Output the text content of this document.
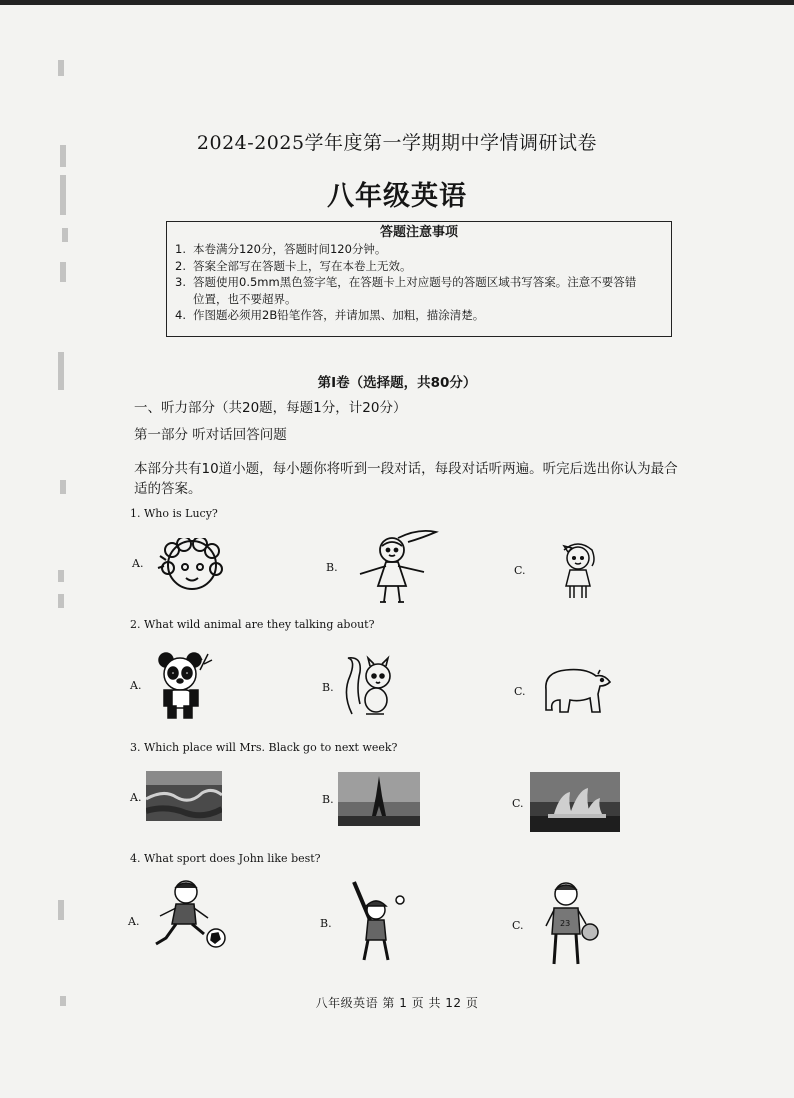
2024-2025学年度第一学期期中学情调研试卷
八年级英语
答题注意事项
1. 本卷满分120分，答题时间120分钟。
2. 答案全部写在答题卡上，写在本卷上无效。
3. 答题使用0.5mm黑色签字笔，在答题卡上对应题号的答题区域书写答案。注意不要答错
位置，也不要超界。
4. 作图题必须用2B铅笔作答，并请加黑、加粗，描涂清楚。
第I卷（选择题，共80分）
一、听力部分（共20题，每题1分，计20分）
第一部分 听对话回答问题
本部分共有10道小题，每小题你将听到一段对话，每段对话听两遍。听完后选出你认为最合
适的答案。
1. Who is Lucy?
A.	B.	C.
2. What wild animal are they talking about?
A.	B.	C.
3. Which place will Mrs. Black go to next week?
A.	B.	C.
4. What sport does John like best?
A.	B.	C.	23
八年级英语 第 1 页 共 12 页
